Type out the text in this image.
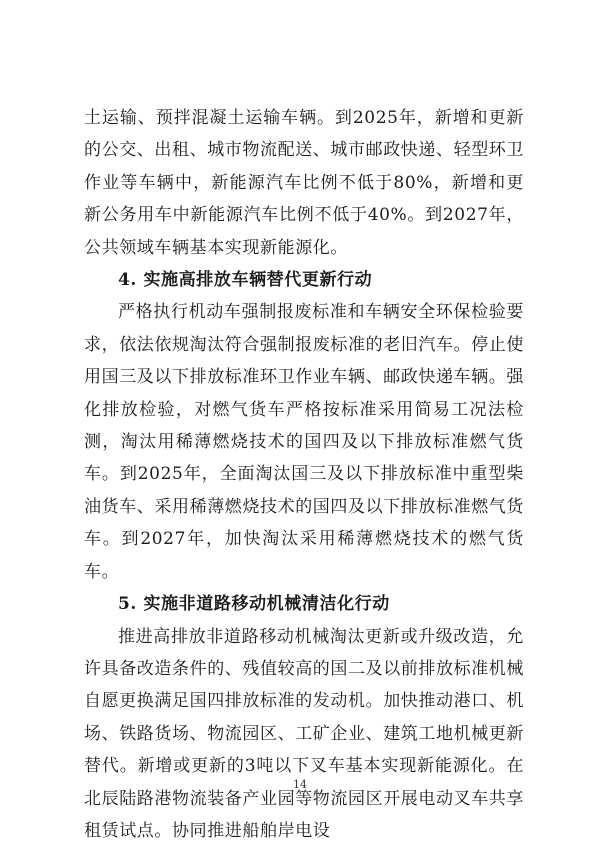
土运输、预拌混凝土运输车辆。到2025年，新增和更新的公交、出租、城市物流配送、城市邮政快递、轻型环卫作业等车辆中，新能源汽车比例不低于80%，新增和更新公务用车中新能源汽车比例不低于40%。到2027年，公共领域车辆基本实现新能源化。

4. 实施高排放车辆替代更新行动

严格执行机动车强制报废标准和车辆安全环保检验要求，依法依规淘汰符合强制报废标准的老旧汽车。停止使用国三及以下排放标准环卫作业车辆、邮政快递车辆。强化排放检验，对燃气货车严格按标准采用简易工况法检测，淘汰用稀薄燃烧技术的国四及以下排放标准燃气货车。到2025年，全面淘汰国三及以下排放标准中重型柴油货车、采用稀薄燃烧技术的国四及以下排放标准燃气货车。到2027年，加快淘汰采用稀薄燃烧技术的燃气货车。

5. 实施非道路移动机械清洁化行动

推进高排放非道路移动机械淘汰更新或升级改造，允许具备改造条件的、残值较高的国二及以前排放标准机械自愿更换满足国四排放标准的发动机。加快推动港口、机场、铁路货场、物流园区、工矿企业、建筑工地机械更新替代。新增或更新的3吨以下叉车基本实现新能源化。在北辰陆路港物流装备产业园等物流园区开展电动叉车共享租赁试点。协同推进船舶岸电设

14
